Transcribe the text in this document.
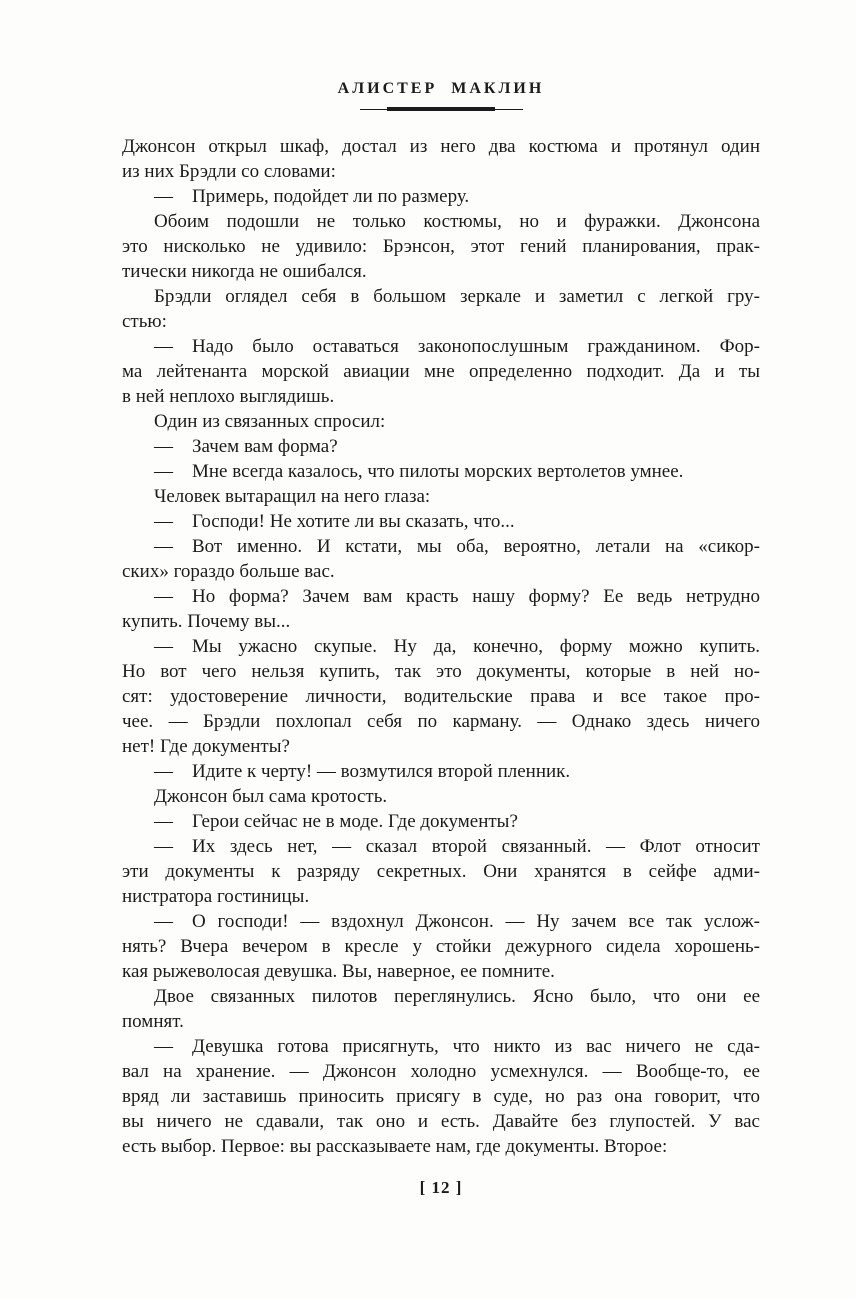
АЛИСТЕР МАКЛИН

Джонсон открыл шкаф, достал из него два костюма и протянул один
из них Брэдли со словами:

— Примерь, подойдет ли по размеру.

Обоим подошли не только костюмы, но и фуражки. Джонсона
это нисколько не удивило: Брэнсон, этот гений планирования, прак-
тически никогда не ошибался.

Брэдли оглядел себя в большом зеркале и заметил с легкой гру-
стью:

— Надо было оставаться законопослушным гражданином. Фор-
ма лейтенанта морской авиации мне определенно подходит. Да и ты
в ней неплохо выглядишь.

Один из связанных спросил:

— Зачем вам форма?

— Мне всегда казалось, что пилоты морских вертолетов умнее.

Человек вытаращил на него глаза:

— Господи! Не хотите ли вы сказать, что...

— Вот именно. И кстати, мы оба, вероятно, летали на «сикор-
ских» гораздо больше вас.

— Но форма? Зачем вам красть нашу форму? Ее ведь нетрудно
купить. Почему вы...

— Мы ужасно скупые. Ну да, конечно, форму можно купить.
Но вот чего нельзя купить, так это документы, которые в ней но-
сят: удостоверение личности, водительские права и все такое про-
чее. — Брэдли похлопал себя по карману. — Однако здесь ничего
нет! Где документы?

— Идите к черту! — возмутился второй пленник.

Джонсон был сама кротость.

— Герои сейчас не в моде. Где документы?

— Их здесь нет, — сказал второй связанный. — Флот относит
эти документы к разряду секретных. Они хранятся в сейфе адми-
нистратора гостиницы.

— О господи! — вздохнул Джонсон. — Ну зачем все так услож-
нять? Вчера вечером в кресле у стойки дежурного сидела хорошень-
кая рыжеволосая девушка. Вы, наверное, ее помните.

Двое связанных пилотов переглянулись. Ясно было, что они ее
помнят.

— Девушка готова присягнуть, что никто из вас ничего не сда-
вал на хранение. — Джонсон холодно усмехнулся. — Вообще-то, ее
вряд ли заставишь приносить присягу в суде, но раз она говорит, что
вы ничего не сдавали, так оно и есть. Давайте без глупостей. У вас
есть выбор. Первое: вы рассказываете нам, где документы. Второе:

[ 12 ]
